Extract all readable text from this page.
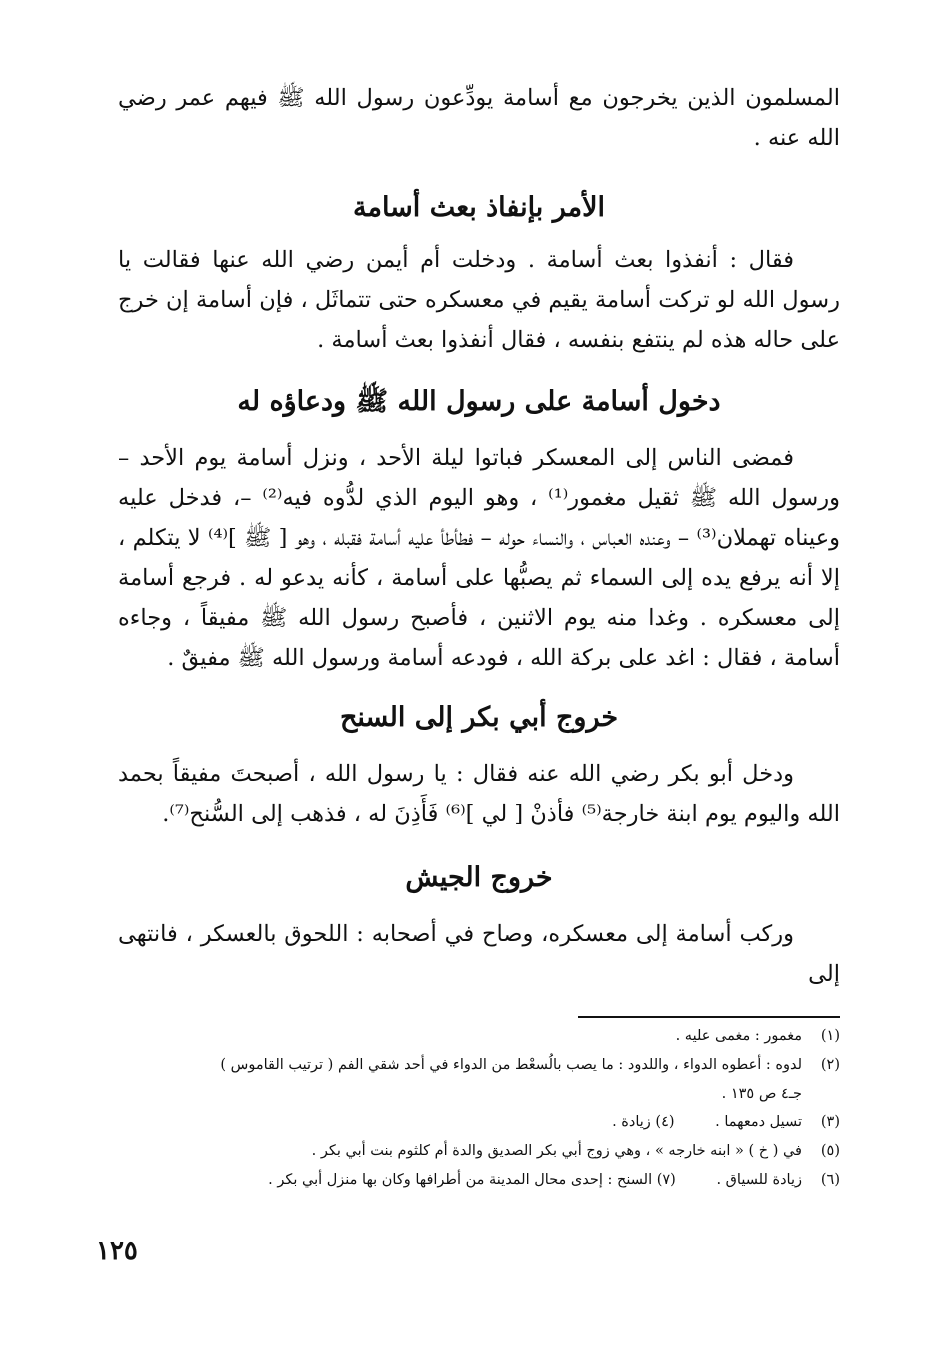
المسلمون الذين يخرجون مع أسامة يودِّعون رسول الله ﷺ فيهم عمر رضي الله عنه .

الأمر بإنفاذ بعث أسامة

فقال : أنفذوا بعث أسامة . ودخلت أم أيمن رضي الله عنها فقالت يا رسول الله لو تركت أسامة يقيم في معسكره حتى تتماثَل ، فإن أسامة إن خرج على حاله هذه لم ينتفع بنفسه ، فقال أنفذوا بعث أسامة .

دخول أسامة على رسول الله ﷺ ودعاؤه له

فمضى الناس إلى المعسكر فباتوا ليلة الأحد ، ونزل أسامة يوم الأحد – ورسول الله ﷺ ثقيل مغمور⁽¹⁾ ، وهو اليوم الذي لدُّوه فيه⁽²⁾ –، فدخل عليه وعيناه تهملان⁽³⁾ – وعنده العباس ، والنساء حوله – فطأطأ عليه أسامة فقبله ، وهو [ ﷺ ]⁽⁴⁾ لا يتكلم ، إلا أنه يرفع يده إلى السماء ثم يصبُّها على أسامة ، كأنه يدعو له . فرجع أسامة إلى معسكره . وغدا منه يوم الاثنين ، فأصبح رسول الله ﷺ مفيقاً ، وجاءه أسامة ، فقال : اغد على بركة الله ، فودعه أسامة ورسول الله ﷺ مفيقٌ .

خروج أبي بكر إلى السنح

ودخل أبو بكر رضي الله عنه فقال : يا رسول الله ، أصبحتَ مفيقاً بحمد الله واليوم يوم ابنة خارجة⁽⁵⁾ فأذنْ [ لي ]⁽⁶⁾ فَأَذِنَ له ، فذهب إلى السُّنح⁽⁷⁾.

خروج الجيش

وركب أسامة إلى معسكره، وصاح في أصحابه : اللحوق بالعسكر ، فانتهى إلى

(١)
مغمور : مغمى عليه .
(٢)
لدوه : أعطوه الدواء ، واللدود : ما يصب بالُسعْط من الدواء في أحد شقي الفم ( ترتيب القاموس )
جـ٤ ص ١٣٥ .
(٣)
تسيل دمعهما . (٤) زيادة .
(٥)
في ( خ ) « ابنه خارجه » ، وهي زوج أبي بكر الصديق والدة أم كلثوم بنت أبي بكر .
(٦)
زيادة للسياق . (٧) السنح : إحدى محال المدينة من أطرافها وكان بها منزل أبي بكر .
١٢٥
